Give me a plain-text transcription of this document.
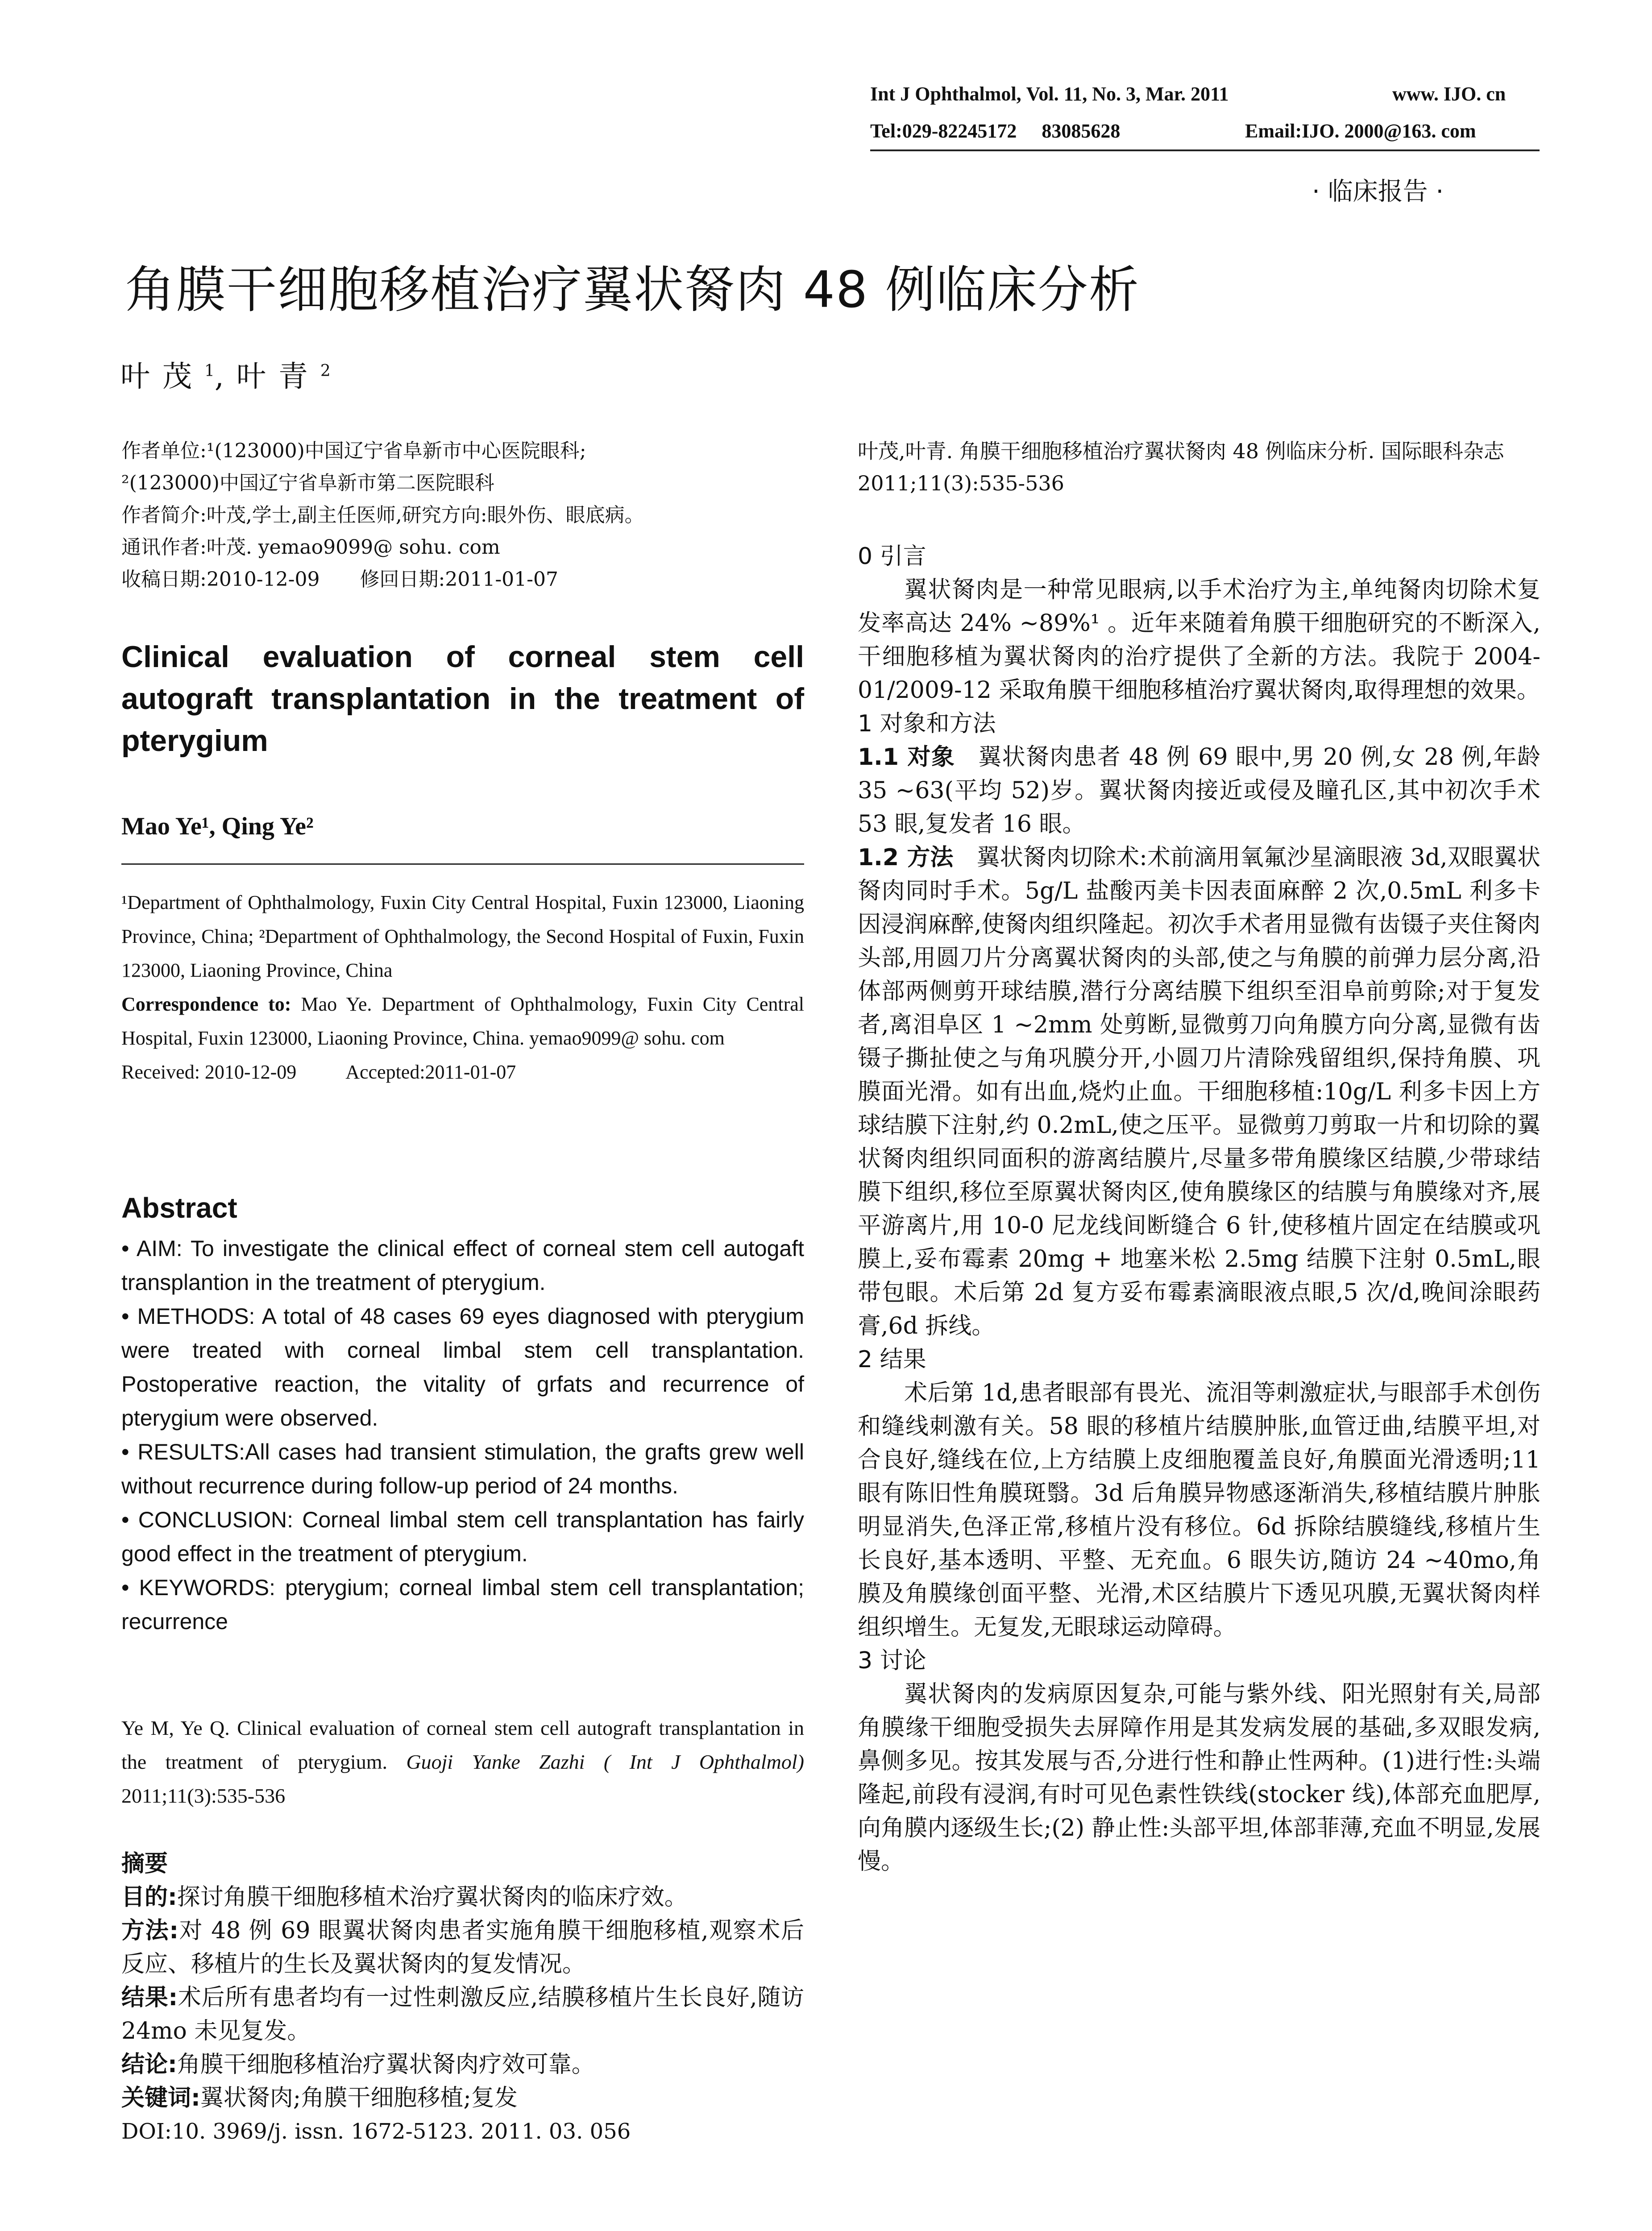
Int J Ophthalmol, Vol. 11, No. 3, Mar. 2011	www. IJO. cn
Tel:029-82245172 83085628	Email:IJO. 2000@163. com
· 临床报告 ·
角膜干细胞移植治疗翼状胬肉 48 例临床分析
叶茂$^1$,叶青$^2$

作者单位:¹(123000)中国辽宁省阜新市中心医院眼科;

²(123000)中国辽宁省阜新市第二医院眼科

作者简介:叶茂,学士,副主任医师,研究方向:眼外伤、眼底病。

通讯作者:叶茂. yemao9099@ sohu. com

收稿日期:2010-12-09 修回日期:2011-01-07

Clinical evaluation of corneal stem cell autograft transplantation in the treatment of pterygium
Mao Ye¹, Qing Ye²

¹Department of Ophthalmology, Fuxin City Central Hospital, Fuxin 123000, Liaoning Province, China; ²Department of Ophthalmology, the Second Hospital of Fuxin, Fuxin 123000, Liaoning Province, China

Correspondence to: Mao Ye. Department of Ophthalmology, Fuxin City Central Hospital, Fuxin 123000, Liaoning Province, China. yemao9099@ sohu. com

Received: 2010-12-09	Accepted:2011-01-07

Abstract

• AIM: To investigate the clinical effect of corneal stem cell autogaft transplantion in the treatment of pterygium.

• METHODS: A total of 48 cases 69 eyes diagnosed with pterygium were treated with corneal limbal stem cell transplantation. Postoperative reaction, the vitality of grfats and recurrence of pterygium were observed.

• RESULTS:All cases had transient stimulation, the grafts grew well without recurrence during follow-up period of 24 months.

• CONCLUSION: Corneal limbal stem cell transplantation has fairly good effect in the treatment of pterygium.

• KEYWORDS: pterygium; corneal limbal stem cell transplantation; recurrence

Ye M, Ye Q. Clinical evaluation of corneal stem cell autograft transplantation in the treatment of pterygium. Guoji Yanke Zazhi ( Int J Ophthalmol) 2011;11(3):535-536

摘要

目的:探讨角膜干细胞移植术治疗翼状胬肉的临床疗效。

方法:对 48 例 69 眼翼状胬肉患者实施角膜干细胞移植,观察术后反应、移植片的生长及翼状胬肉的复发情况。

结果:术后所有患者均有一过性刺激反应,结膜移植片生长良好,随访 24mo 未见复发。

结论:角膜干细胞移植治疗翼状胬肉疗效可靠。

关键词:翼状胬肉;角膜干细胞移植;复发

DOI:10. 3969/j. issn. 1672-5123. 2011. 03. 056

叶茂,叶青. 角膜干细胞移植治疗翼状胬肉 48 例临床分析. 国际眼科杂志 2011;11(3):535-536

0 引言

翼状胬肉是一种常见眼病,以手术治疗为主,单纯胬肉切除术复发率高达 24% ~89%¹ 。近年来随着角膜干细胞研究的不断深入,干细胞移植为翼状胬肉的治疗提供了全新的方法。我院于 2004-01/2009-12 采取角膜干细胞移植治疗翼状胬肉,取得理想的效果。

1 对象和方法

1.1 对象 翼状胬肉患者 48 例 69 眼中,男 20 例,女 28 例,年龄 35 ~63(平均 52)岁。翼状胬肉接近或侵及瞳孔区,其中初次手术 53 眼,复发者 16 眼。

1.2 方法 翼状胬肉切除术:术前滴用氧氟沙星滴眼液 3d,双眼翼状胬肉同时手术。5g/L 盐酸丙美卡因表面麻醉 2 次,0.5mL 利多卡因浸润麻醉,使胬肉组织隆起。初次手术者用显微有齿镊子夹住胬肉头部,用圆刀片分离翼状胬肉的头部,使之与角膜的前弹力层分离,沿体部两侧剪开球结膜,潜行分离结膜下组织至泪阜前剪除;对于复发者,离泪阜区 1 ~2mm 处剪断,显微剪刀向角膜方向分离,显微有齿镊子撕扯使之与角巩膜分开,小圆刀片清除残留组织,保持角膜、巩膜面光滑。如有出血,烧灼止血。干细胞移植:10g/L 利多卡因上方球结膜下注射,约 0.2mL,使之压平。显微剪刀剪取一片和切除的翼状胬肉组织同面积的游离结膜片,尽量多带角膜缘区结膜,少带球结膜下组织,移位至原翼状胬肉区,使角膜缘区的结膜与角膜缘对齐,展平游离片,用 10-0 尼龙线间断缝合 6 针,使移植片固定在结膜或巩膜上,妥布霉素 20mg + 地塞米松 2.5mg 结膜下注射 0.5mL,眼带包眼。术后第 2d 复方妥布霉素滴眼液点眼,5 次/d,晚间涂眼药膏,6d 拆线。

2 结果

术后第 1d,患者眼部有畏光、流泪等刺激症状,与眼部手术创伤和缝线刺激有关。58 眼的移植片结膜肿胀,血管迂曲,结膜平坦,对合良好,缝线在位,上方结膜上皮细胞覆盖良好,角膜面光滑透明;11 眼有陈旧性角膜斑翳。3d 后角膜异物感逐渐消失,移植结膜片肿胀明显消失,色泽正常,移植片没有移位。6d 拆除结膜缝线,移植片生长良好,基本透明、平整、无充血。6 眼失访,随访 24 ~40mo,角膜及角膜缘创面平整、光滑,术区结膜片下透见巩膜,无翼状胬肉样组织增生。无复发,无眼球运动障碍。

3 讨论

翼状胬肉的发病原因复杂,可能与紫外线、阳光照射有关,局部角膜缘干细胞受损失去屏障作用是其发病发展的基础,多双眼发病,鼻侧多见。按其发展与否,分进行性和静止性两种。(1)进行性:头端隆起,前段有浸润,有时可见色素性铁线(stocker 线),体部充血肥厚,向角膜内逐级生长;(2) 静止性:头部平坦,体部菲薄,充血不明显,发展慢。
